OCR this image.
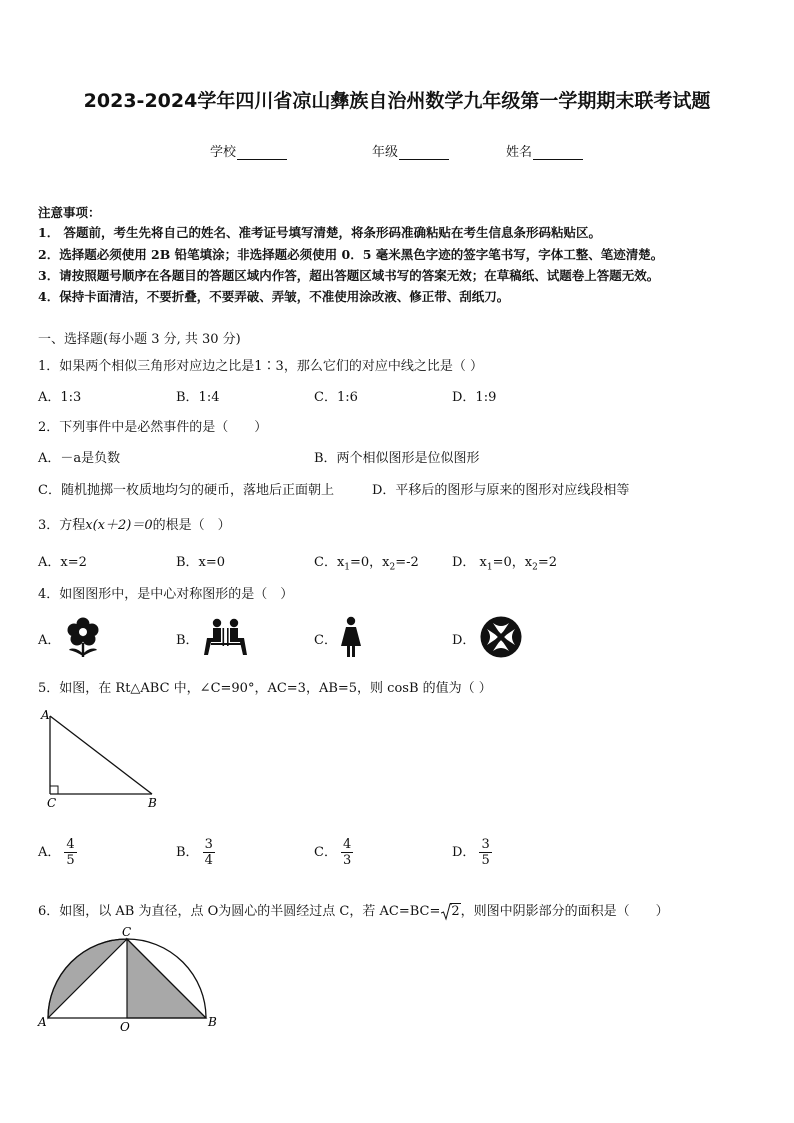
2023-2024学年四川省凉山彝族自治州数学九年级第一学期期末联考试题
学校	年级	姓名
注意事项：
1． 答题前，考生先将自己的姓名、准考证号填写清楚，将条形码准确粘贴在考生信息条形码粘贴区。
2．选择题必须使用 2B 铅笔填涂；非选择题必须使用 0．5 毫米黑色字迹的签字笔书写，字体工整、笔迹清楚。
3．请按照题号顺序在各题目的答题区域内作答，超出答题区域书写的答案无效；在草稿纸、试题卷上答题无效。
4．保持卡面清洁，不要折叠，不要弄破、弄皱，不准使用涂改液、修正带、刮纸刀。
一、选择题(每小题 3 分, 共 30 分)
1．如果两个相似三角形对应边之比是1∶3，那么它们的对应中线之比是（ ）
A．1:3	B．1:4	C．1:6	D．1:9
2．下列事件中是必然事件的是（　　）
A．－a是负数	B．两个相似图形是位似图形
C．随机抛掷一枚质地均匀的硬币，落地后正面朝上	D．平移后的图形与原来的图形对应线段相等
3．方程x(x＋2)＝0的根是（　）
A．x=2	B．x=0	C．$x_1=0$，$x_2=-2$	D． $x_1=0$，$x_2=2$
4．如图图形中，是中心对称图形的是（　）
A．	B．	C．	D．
5．如图，在 Rt△ABC 中，∠C=90°，AC=3，AB=5，则 cosB 的值为（ ）
A
C	B
A． $\frac{4}{5}$	B． $\frac{3}{4}$	C． $\frac{4}{3}$	D． $\frac{3}{5}$
6．如图，以 AB 为直径，点 O为圆心的半圆经过点 C，若 AC=BC= 2，则图中阴影部分的面积是（　　）
C
A	O	B
